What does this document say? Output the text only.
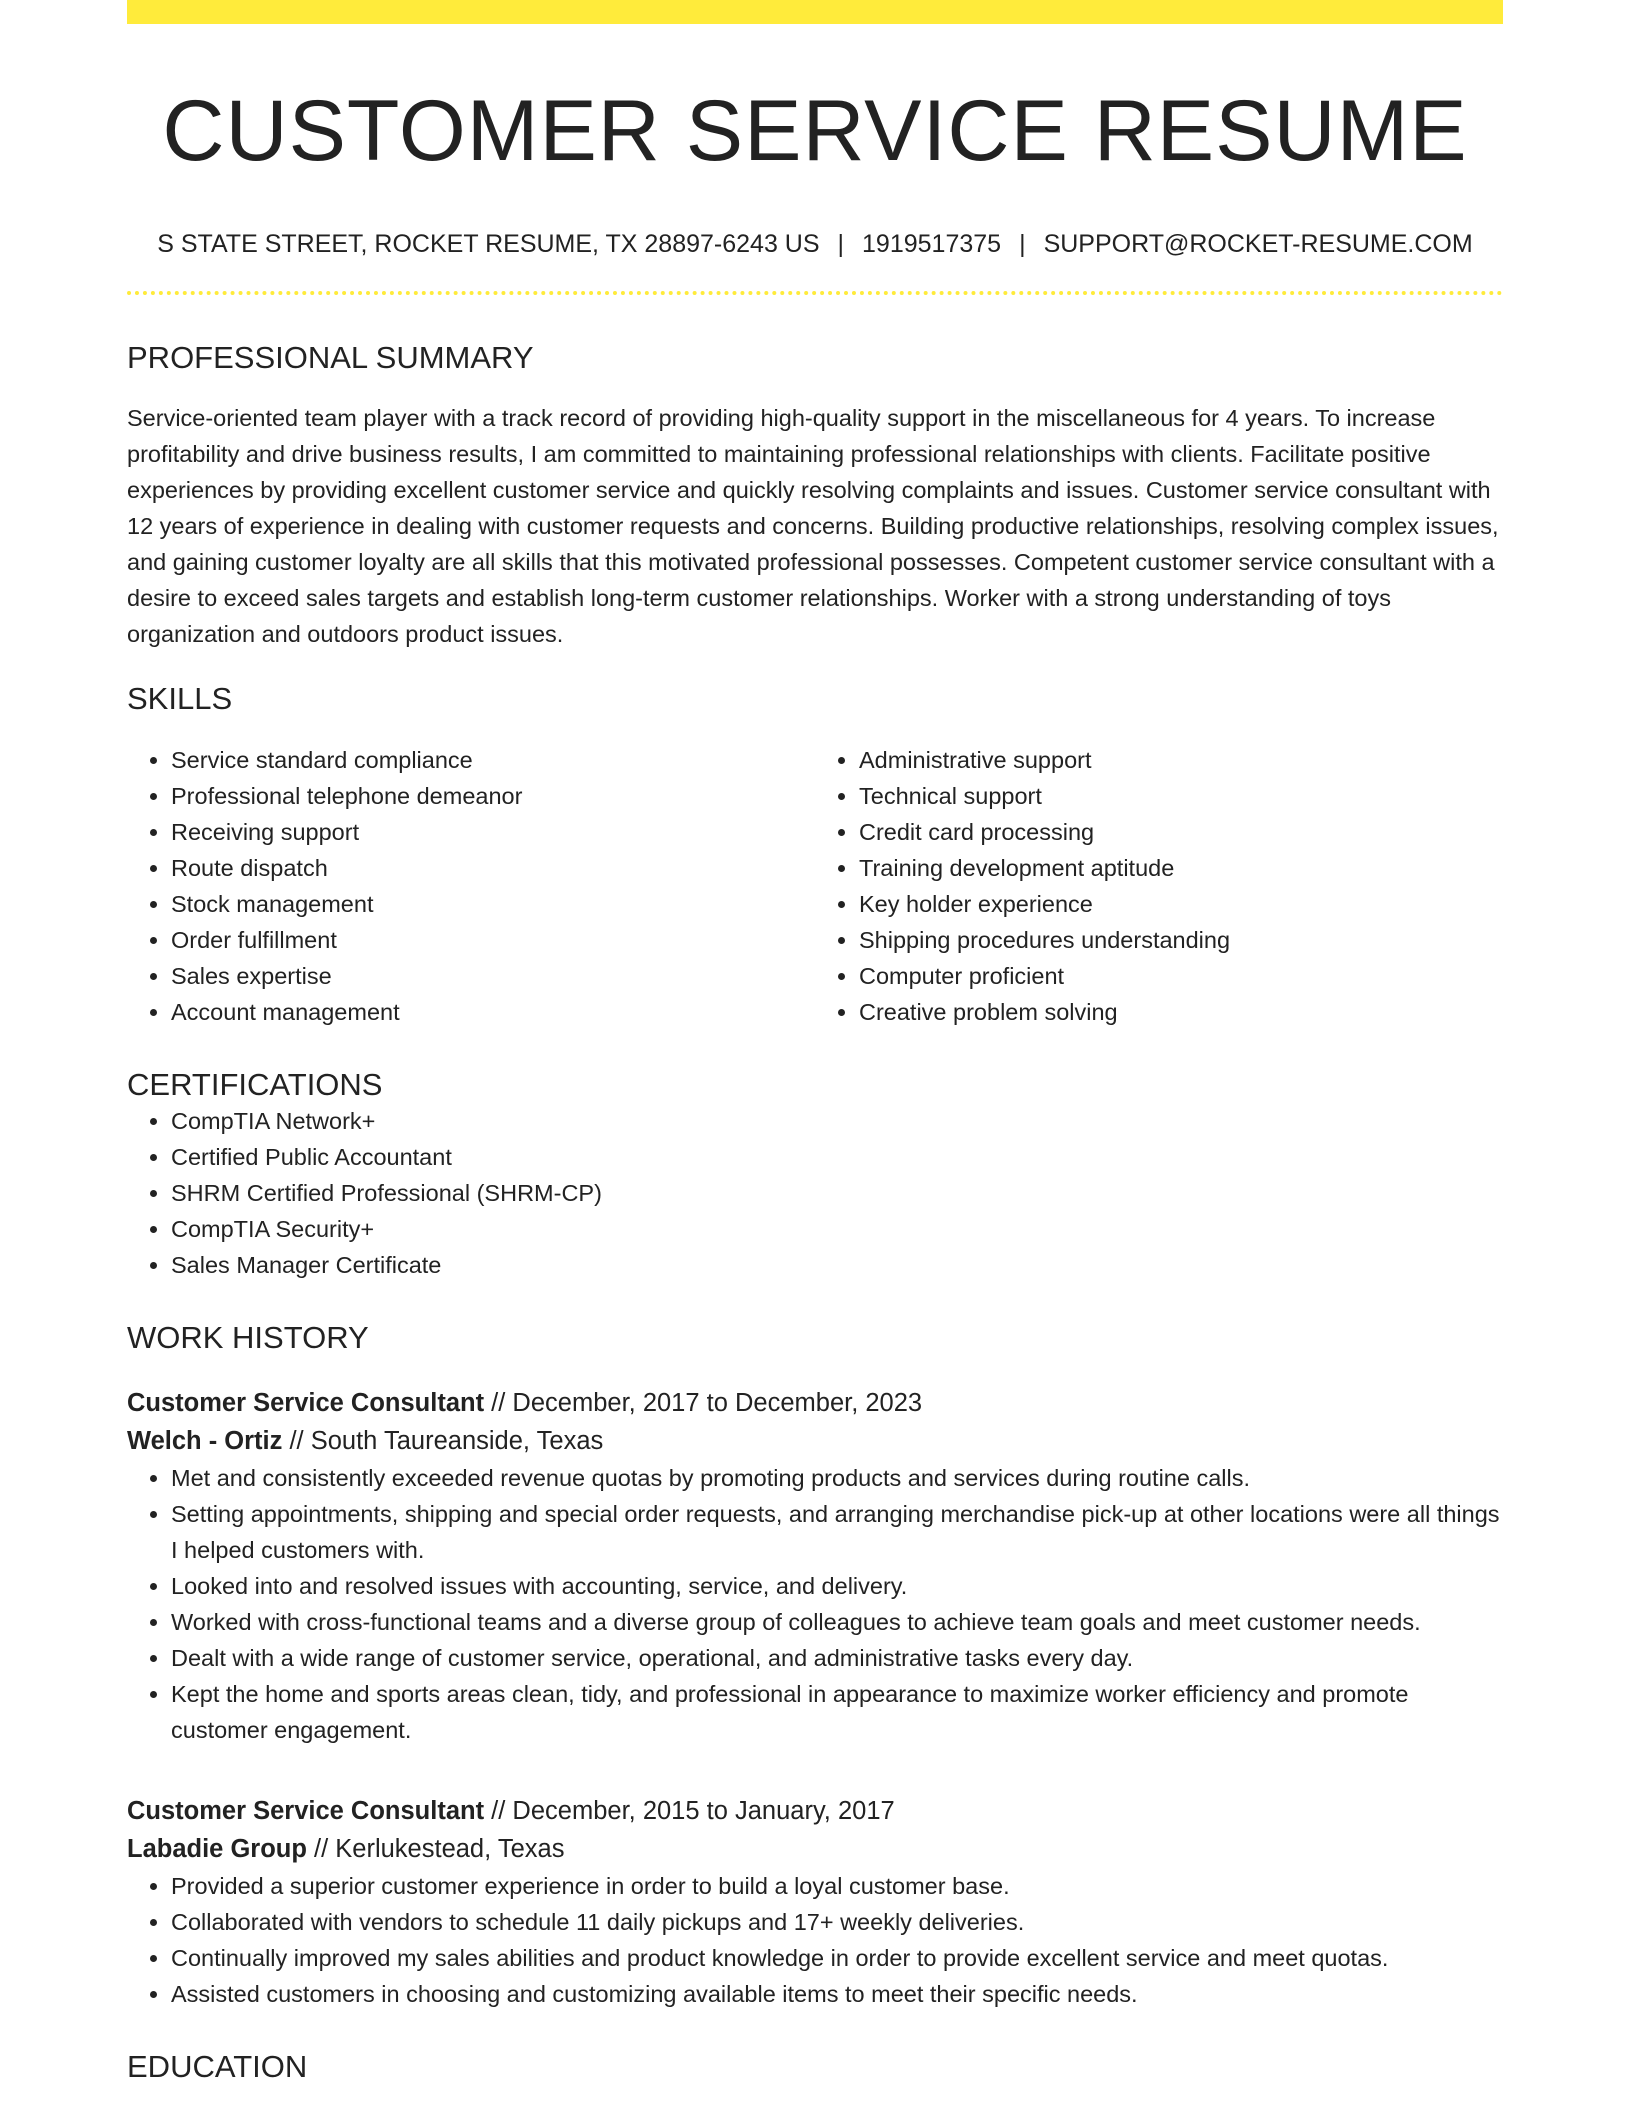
CUSTOMER SERVICE RESUME
S STATE STREET, ROCKET RESUME, TX 28897-6243 US | 1919517375 | SUPPORT@ROCKET-RESUME.COM
PROFESSIONAL SUMMARY

Service-oriented team player with a track record of providing high-quality support in the miscellaneous for 4 years. To increase profitability and drive business results, I am committed to maintaining professional relationships with clients. Facilitate positive experiences by providing excellent customer service and quickly resolving complaints and issues. Customer service consultant with 12 years of experience in dealing with customer requests and concerns. Building productive relationships, resolving complex issues, and gaining customer loyalty are all skills that this motivated professional possesses. Competent customer service consultant with a desire to exceed sales targets and establish long-term customer relationships. Worker with a strong understanding of toys organization and outdoors product issues.

SKILLS
• Service standard compliance
• Professional telephone demeanor
• Receiving support
• Route dispatch
• Stock management
• Order fulfillment
• Sales expertise
• Account management
• Administrative support
• Technical support
• Credit card processing
• Training development aptitude
• Key holder experience
• Shipping procedures understanding
• Computer proficient
• Creative problem solving
CERTIFICATIONS
• CompTIA Network+
• Certified Public Accountant
• SHRM Certified Professional (SHRM-CP)
• CompTIA Security+
• Sales Manager Certificate
WORK HISTORY
Customer Service Consultant // December, 2017 to December, 2023
Welch - Ortiz // South Taureanside, Texas
• Met and consistently exceeded revenue quotas by promoting products and services during routine calls.
• Setting appointments, shipping and special order requests, and arranging merchandise pick-up at other locations were all things I helped customers with.
• Looked into and resolved issues with accounting, service, and delivery.
• Worked with cross-functional teams and a diverse group of colleagues to achieve team goals and meet customer needs.
• Dealt with a wide range of customer service, operational, and administrative tasks every day.
• Kept the home and sports areas clean, tidy, and professional in appearance to maximize worker efficiency and promote customer engagement.
Customer Service Consultant // December, 2015 to January, 2017
Labadie Group // Kerlukestead, Texas
• Provided a superior customer experience in order to build a loyal customer base.
• Collaborated with vendors to schedule 11 daily pickups and 17+ weekly deliveries.
• Continually improved my sales abilities and product knowledge in order to provide excellent service and meet quotas.
• Assisted customers in choosing and customizing available items to meet their specific needs.
EDUCATION
